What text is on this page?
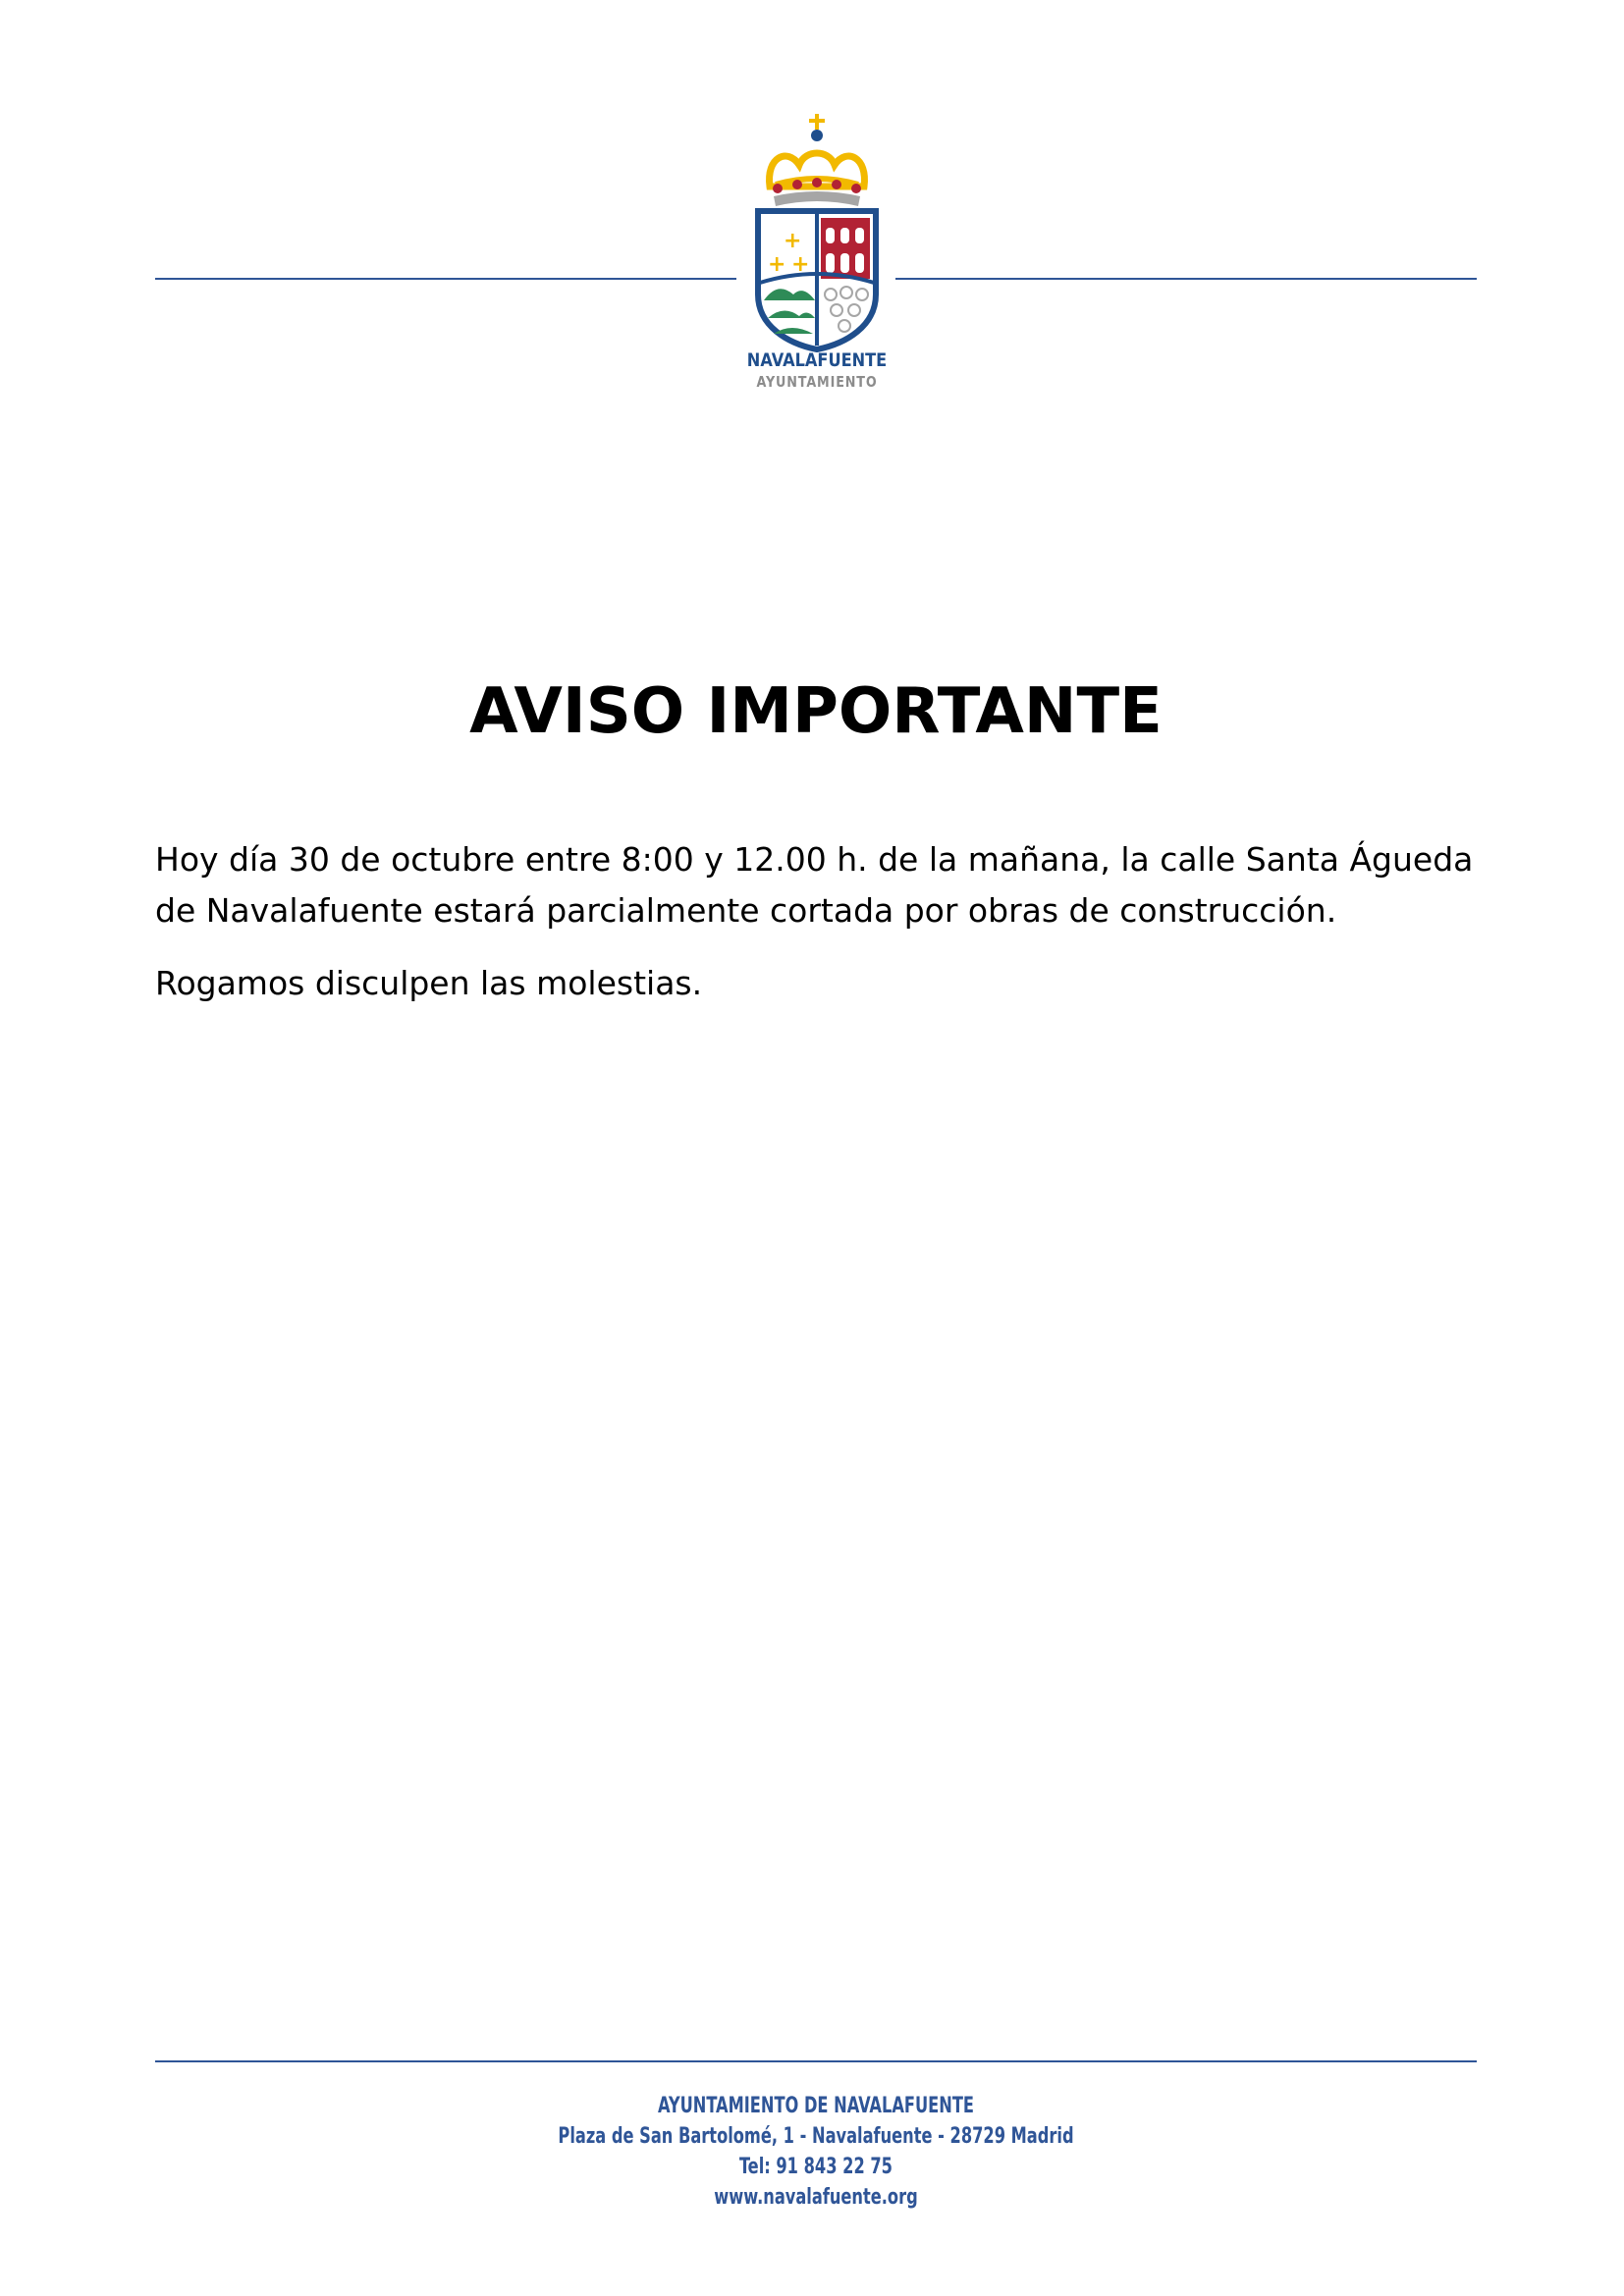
+
+ +
NAVALAFUENTE
AYUNTAMIENTO
AVISO IMPORTANTE
Hoy día 30 de octubre entre 8:00 y 12.00 h. de la mañana, la calle Santa Águeda de Navalafuente estará parcialmente cortada por obras de construcción.
Rogamos disculpen las molestias.
AYUNTAMIENTO DE NAVALAFUENTE
Plaza de San Bartolomé, 1 - Navalafuente - 28729 Madrid
Tel: 91 843 22 75
www.navalafuente.org
